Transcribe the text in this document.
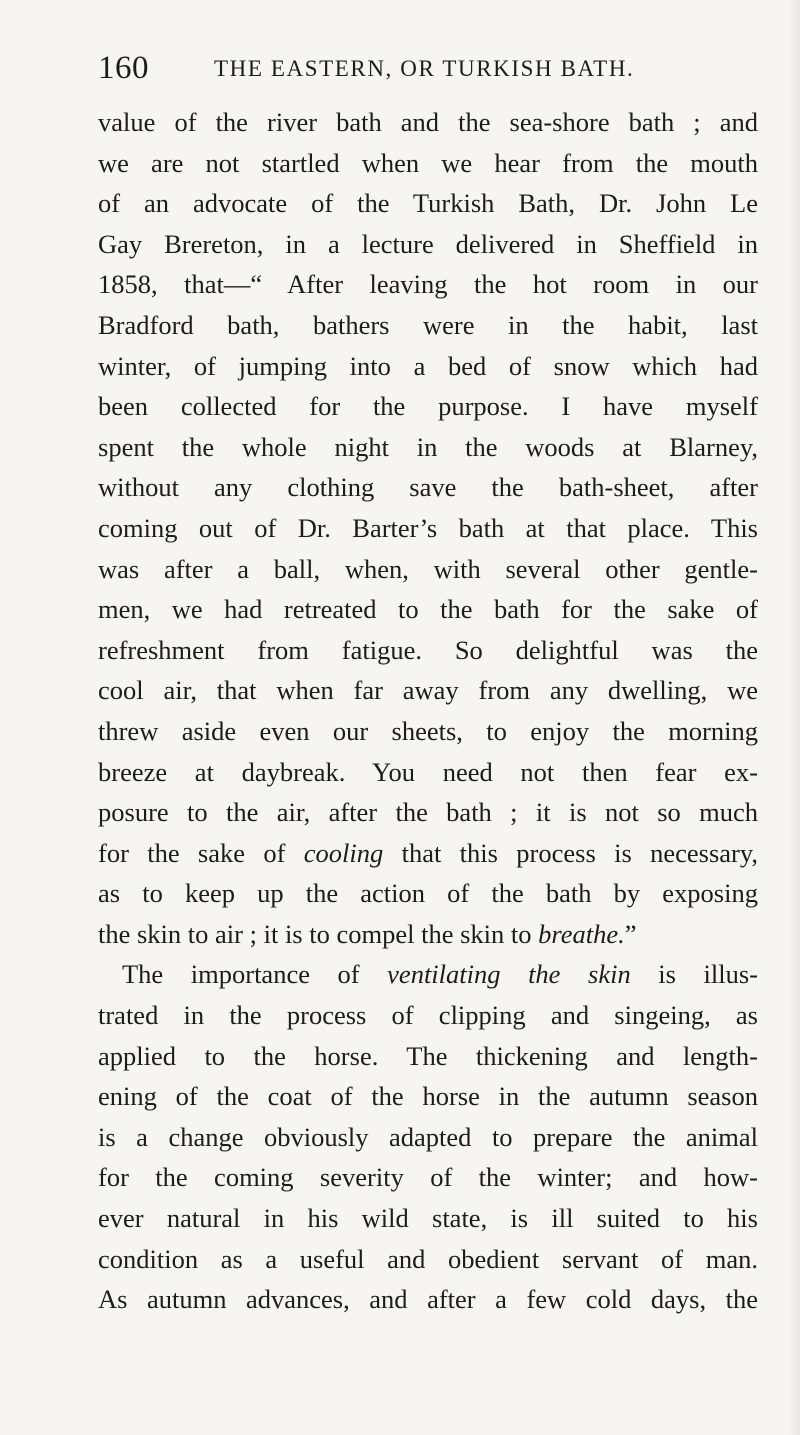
160	THE EASTERN, OR TURKISH BATH.
value of the river bath and the sea-shore bath ; and
we are not startled when we hear from the mouth
of an advocate of the Turkish Bath, Dr. John Le
Gay Brereton, in a lecture delivered in Sheffield in
1858, that—“ After leaving the hot room in our
Bradford bath, bathers were in the habit, last
winter, of jumping into a bed of snow which had
been collected for the purpose. I have myself
spent the whole night in the woods at Blarney,
without any clothing save the bath-sheet, after
coming out of Dr. Barter’s bath at that place. This
was after a ball, when, with several other gentle-
men, we had retreated to the bath for the sake of
refreshment from fatigue. So delightful was the
cool air, that when far away from any dwelling, we
threw aside even our sheets, to enjoy the morning
breeze at daybreak. You need not then fear ex-
posure to the air, after the bath ; it is not so much
for the sake of cooling that this process is necessary,
as to keep up the action of the bath by exposing
the skin to air ; it is to compel the skin to breathe.”
The importance of ventilating the skin is illus-
trated in the process of clipping and singeing, as
applied to the horse. The thickening and length-
ening of the coat of the horse in the autumn season
is a change obviously adapted to prepare the animal
for the coming severity of the winter; and how-
ever natural in his wild state, is ill suited to his
condition as a useful and obedient servant of man.
As autumn advances, and after a few cold days, the
